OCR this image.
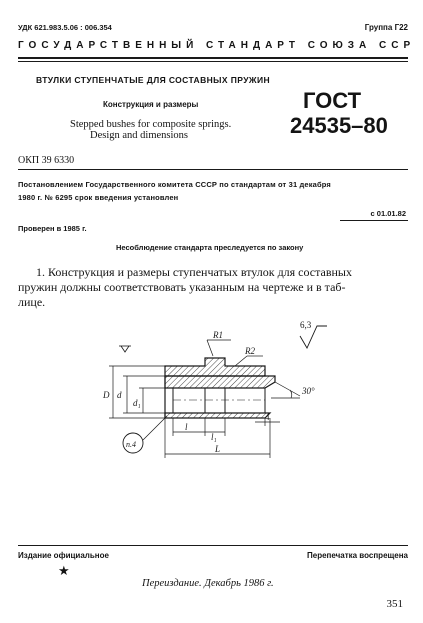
УДК 621.983.5.06 : 006.354	Группа Г22
ГОСУДАРСТВЕННЫЙ СТАНДАРТ СОЮЗА ССР
ВТУЛКИ СТУПЕНЧАТЫЕ ДЛЯ СОСТАВНЫХ ПРУЖИН
Конструкция и размеры
Stepped bushes for composite springs.
Design and dimensions
ГОСТ
24535–80
ОКП 39 6330
Постановлением Государственного комитета СССР по стандартам от 31 декабря
1980 г. № 6295 срок введения установлен
с 01.01.82
Проверен в 1985 г.
Несоблюдение стандарта преследуется по закону
1. Конструкция и размеры ступенчатых втулок для составных
пружин должны соответствовать указанным на чертеже и в таб-
лице.
6,3
R1
R2
D d
d₁
30°
l
l₁
L
4
n.4
Издание официальное	Перепечатка воспрещена
★
Переиздание. Декабрь 1986 г.
351
